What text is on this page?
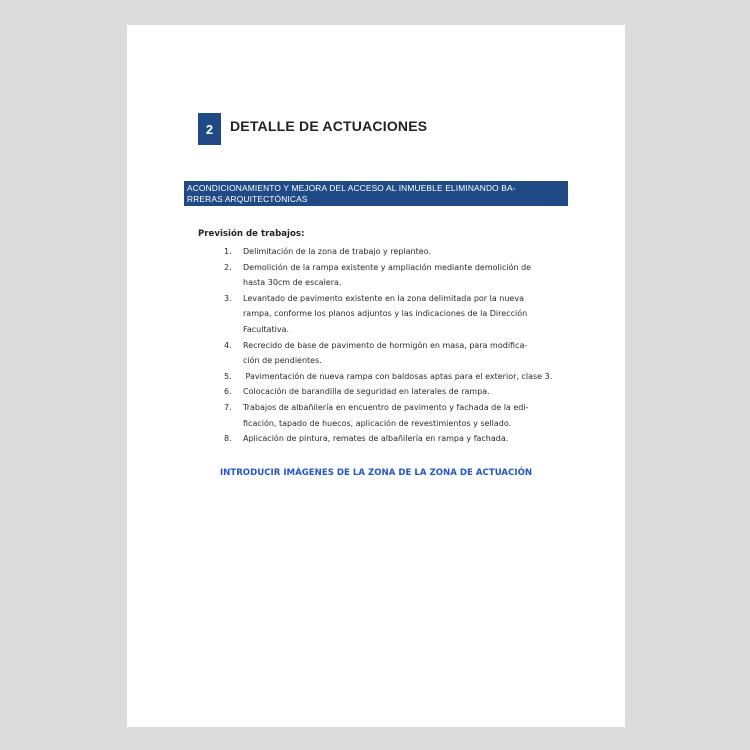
2	DETALLE DE ACTUACIONES
ACONDICIONAMIENTO Y MEJORA DEL ACCESO AL INMUEBLE ELIMINANDO BA-
RRERAS ARQUITECTÓNICAS
Previsión de trabajos:
1.	Delimitación de la zona de trabajo y replanteo.
2.	Demolición de la rampa existente y ampliación mediante demolición de
hasta 30cm de escalera.
3.	Levantado de pavimento existente en la zona delimitada por la nueva
rampa, conforme los planos adjuntos y las indicaciones de la Dirección
Facultativa.
4.	Recrecido de base de pavimento de hormigón en masa, para modifica-
ción de pendientes.
5.	Pavimentación de nueva rampa con baldosas aptas para el exterior, clase 3.
6.	Colocación de barandilla de seguridad en laterales de rampa.
7.	Trabajos de albañilería en encuentro de pavimento y fachada de la edi-
ficación, tapado de huecos, aplicación de revestimientos y sellado.
8.	Aplicación de pintura, remates de albañilería en rampa y fachada.
INTRODUCIR IMÁGENES DE LA ZONA DE LA ZONA DE ACTUACIÓN
